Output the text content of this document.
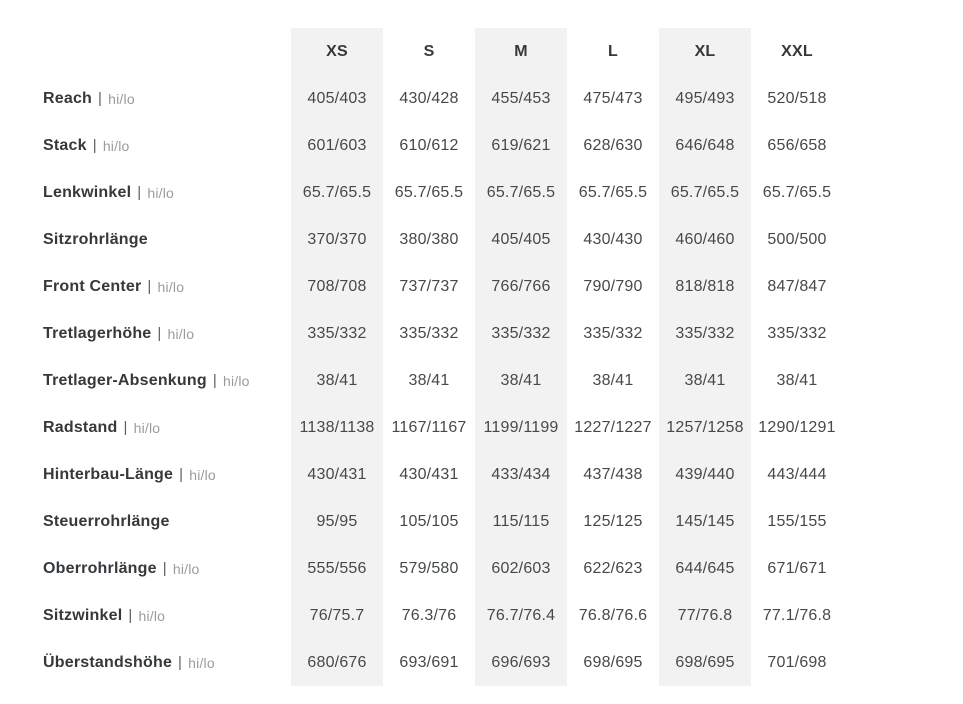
XS	S	M	L	XL	XXL
Reach | hi/lo	405/403	430/428	455/453	475/473	495/493	520/518
Stack | hi/lo	601/603	610/612	619/621	628/630	646/648	656/658
Lenkwinkel | hi/lo	65.7/65.5	65.7/65.5	65.7/65.5	65.7/65.5	65.7/65.5	65.7/65.5
Sitzrohrlänge	370/370	380/380	405/405	430/430	460/460	500/500
Front Center | hi/lo	708/708	737/737	766/766	790/790	818/818	847/847
Tretlagerhöhe | hi/lo	335/332	335/332	335/332	335/332	335/332	335/332
Tretlager-Absenkung | hi/lo	38/41	38/41	38/41	38/41	38/41	38/41
Radstand | hi/lo	1138/1138	1167/1167	1199/1199 1227/1227 1257/1258 1290/1291
Hinterbau-Länge | hi/lo	430/431	430/431	433/434	437/438	439/440	443/444
Steuerrohrlänge	95/95	105/105	115/115	125/125	145/145	155/155
Oberrohrlänge | hi/lo	555/556	579/580	602/603	622/623	644/645	671/671
Sitzwinkel | hi/lo	76/75.7	76.3/76	76.7/76.4	76.8/76.6	77/76.8	77.1/76.8
Überstandshöhe | hi/lo	680/676	693/691	696/693	698/695	698/695	701/698
